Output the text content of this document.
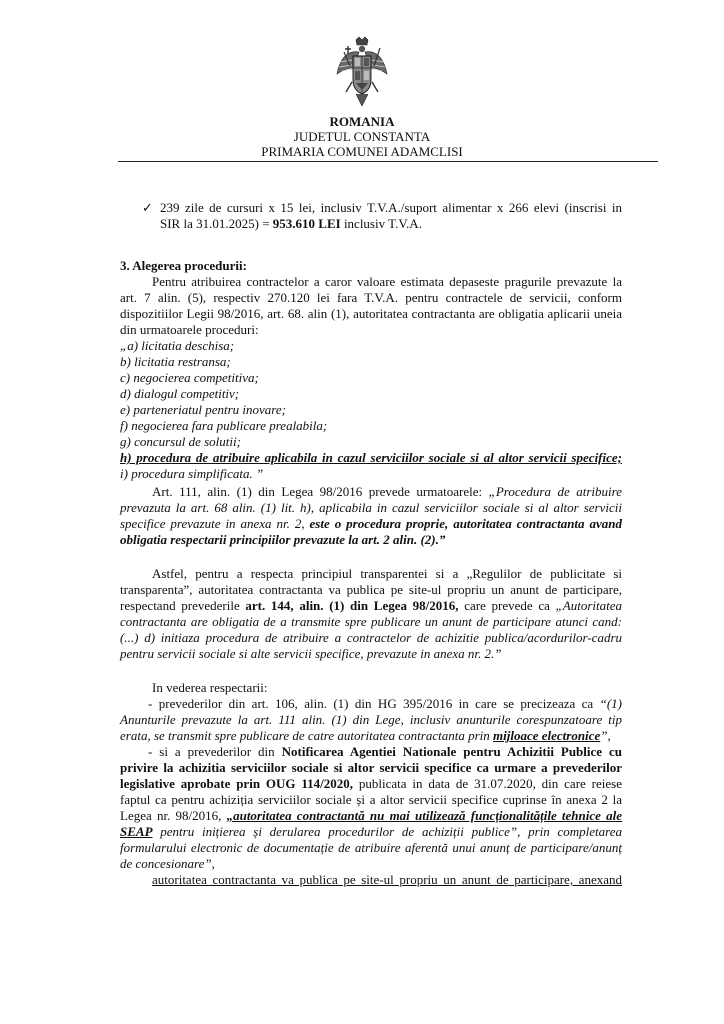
ROMANIA
JUDETUL CONSTANTA
PRIMARIA COMUNEI ADAMCLISI
✓ 239 zile de cursuri x 15 lei, inclusiv T.V.A./suport alimentar x 266 elevi (inscrisi in
SIR la 31.01.2025) = 953.610 LEI inclusiv T.V.A.
3. Alegerea procedurii:
Pentru atribuirea contractelor a caror valoare estimata depaseste pragurile prevazute la
art. 7 alin. (5), respectiv 270.120 lei fara T.V.A. pentru contractele de servicii, conform
dispozitiilor Legii 98/2016, art. 68. alin (1), autoritatea contractanta are obligatia aplicarii uneia
din urmatoarele proceduri:
„a) licitatia deschisa;
b) licitatia restransa;
c) negocierea competitiva;
d) dialogul competitiv;
e) parteneriatul pentru inovare;
f) negocierea fara publicare prealabila;
g) concursul de solutii;
h) procedura de atribuire aplicabila in cazul serviciilor sociale si al altor servicii specifice;
i) procedura simplificata. ”
Art. 111, alin. (1) din Legea 98/2016 prevede urmatoarele: „Procedura de atribuire
prevazuta la art. 68 alin. (1) lit. h), aplicabila in cazul serviciilor sociale si al altor servicii
specifice prevazute in anexa nr. 2, este o procedura proprie, autoritatea contractanta avand
obligatia respectarii principiilor prevazute la art. 2 alin. (2).”
Astfel, pentru a respecta principiul transparentei si a „Regulilor de publicitate si
transparenta”, autoritatea contractanta va publica pe site-ul propriu un anunt de participare,
respectand prevederile art. 144, alin. (1) din Legea 98/2016, care prevede ca „Autoritatea
contractanta are obligatia de a transmite spre publicare un anunt de participare atunci cand:
(...) d) initiaza procedura de atribuire a contractelor de achizitie publica/acordurilor-cadru
pentru servicii sociale si alte servicii specifice, prevazute in anexa nr. 2.”
In vederea respectarii:
- prevederilor din art. 106, alin. (1) din HG 395/2016 in care se precizeaza ca “(1)
Anunturile prevazute la art. 111 alin. (1) din Lege, inclusiv anunturile corespunzatoare tip
erata, se transmit spre publicare de catre autoritatea contractanta prin mijloace electronice”,
- si a prevederilor din Notificarea Agentiei Nationale pentru Achizitii Publice cu
privire la achizitia serviciilor sociale si altor servicii specifice ca urmare a prevederilor
legislative aprobate prin OUG 114/2020, publicata in data de 31.07.2020, din care reiese
faptul ca pentru achiziția serviciilor sociale și a altor servicii specifice cuprinse în anexa 2 la
Legea nr. 98/2016, „autoritatea contractantă nu mai utilizează funcționalitățile tehnice ale
SEAP pentru inițierea și derularea procedurilor de achiziții publice”, prin completarea
formularului electronic de documentație de atribuire aferentă unui anunț de participare/anunț
de concesionare”,
autoritatea contractanta va publica pe site-ul propriu un anunt de participare, anexand
